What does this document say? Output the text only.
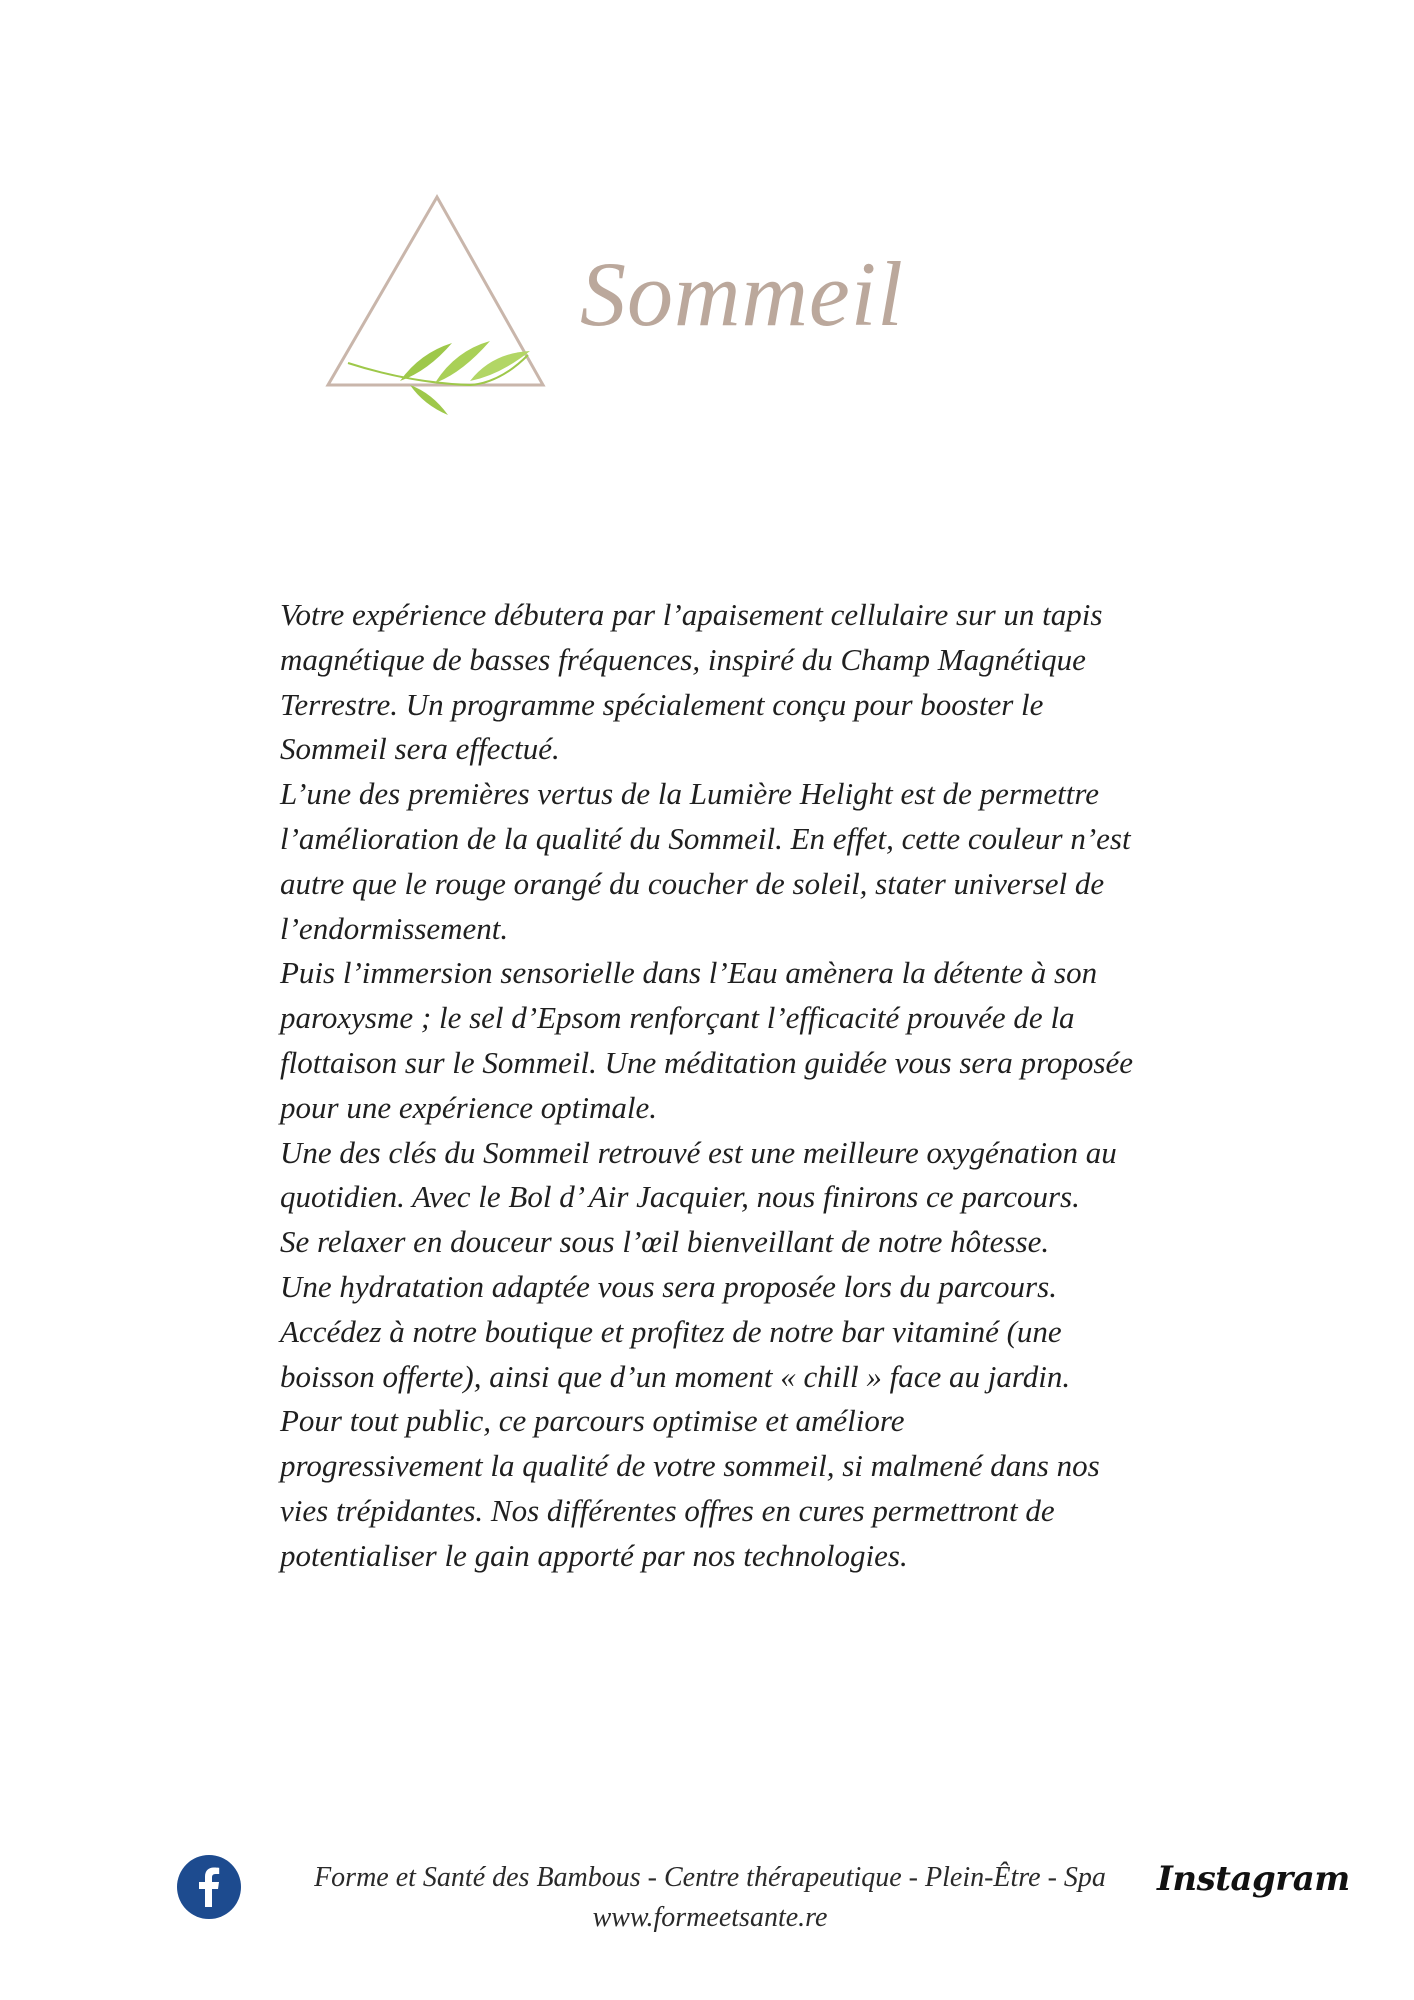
Sommeil
Votre expérience débutera par l’apaisement cellulaire sur un tapis
magnétique de basses fréquences, inspiré du Champ Magnétique
Terrestre. Un programme spécialement conçu pour booster le
Sommeil sera effectué.
L’une des premières vertus de la Lumière Helight est de permettre
l’amélioration de la qualité du Sommeil. En effet, cette couleur n’est
autre que le rouge orangé du coucher de soleil, stater universel de
l’endormissement.
Puis l’immersion sensorielle dans l’Eau amènera la détente à son
paroxysme ; le sel d’Epsom renforçant l’efficacité prouvée de la
flottaison sur le Sommeil. Une méditation guidée vous sera proposée
pour une expérience optimale.
Une des clés du Sommeil retrouvé est une meilleure oxygénation au
quotidien. Avec le Bol d’ Air Jacquier, nous finirons ce parcours.
Se relaxer en douceur sous l’œil bienveillant de notre hôtesse.
Une hydratation adaptée vous sera proposée lors du parcours.
Accédez à notre boutique et profitez de notre bar vitaminé (une
boisson offerte), ainsi que d’un moment « chill » face au jardin.
Pour tout public, ce parcours optimise et améliore
progressivement la qualité de votre sommeil, si malmené dans nos
vies trépidantes. Nos différentes offres en cures permettront de
potentialiser le gain apporté par nos technologies.
Forme et Santé des Bambous - Centre thérapeutique - Plein-Être - Spa
www.formeetsante.re
Instagram
